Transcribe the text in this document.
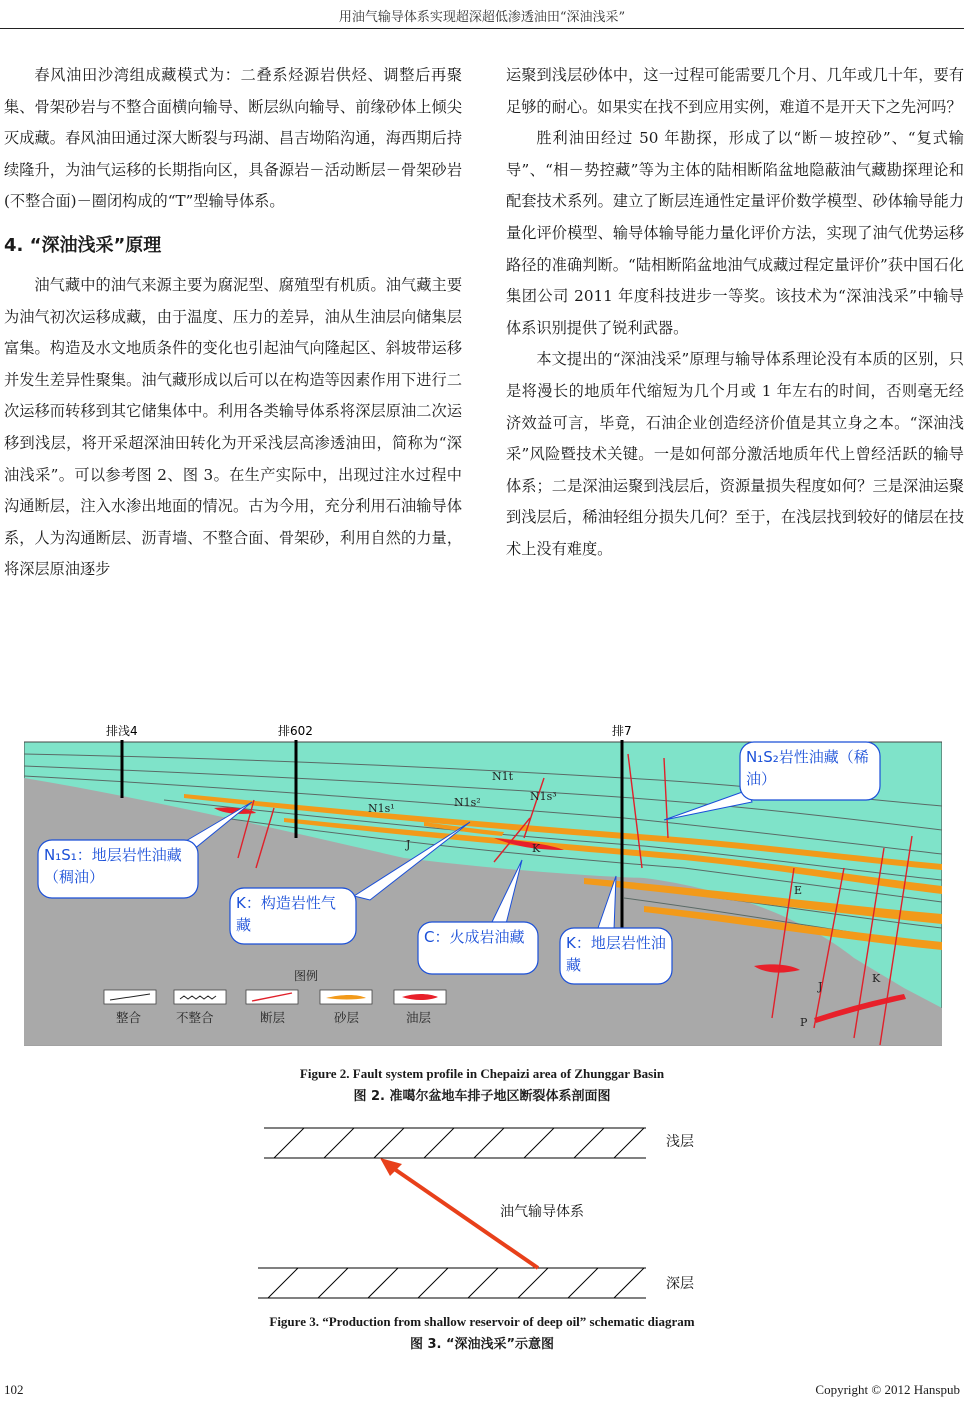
用油气输导体系实现超深超低渗透油田“深油浅采”

春风油田沙湾组成藏模式为：二叠系烃源岩供烃、调整后再聚集、骨架砂岩与不整合面横向输导、断层纵向输导、前缘砂体上倾尖灭成藏。春风油田通过深大断裂与玛湖、昌吉坳陷沟通，海西期后持续隆升，为油气运移的长期指向区，具备源岩－活动断层－骨架砂岩(不整合面)－圈闭构成的“T”型输导体系。

4. “深油浅采”原理

油气藏中的油气来源主要为腐泥型、腐殖型有机质。油气藏主要为油气初次运移成藏，由于温度、压力的差异，油从生油层向储集层富集。构造及水文地质条件的变化也引起油气向隆起区、斜坡带运移并发生差异性聚集。油气藏形成以后可以在构造等因素作用下进行二次运移而转移到其它储集体中。利用各类输导体系将深层原油二次运移到浅层，将开采超深油田转化为开采浅层高渗透油田，简称为“深油浅采”。可以参考图 2、图 3。在生产实际中，出现过注水过程中沟通断层，注入水渗出地面的情况。古为今用，充分利用石油输导体系，人为沟通断层、沥青墙、不整合面、骨架砂，利用自然的力量，将深层原油逐步

运聚到浅层砂体中，这一过程可能需要几个月、几年或几十年，要有足够的耐心。如果实在找不到应用实例，难道不是开天下之先河吗？

胜利油田经过 50 年勘探，形成了以“断－坡控砂”、“复式输导”、“相－势控藏”等为主体的陆相断陷盆地隐蔽油气藏勘探理论和配套技术系列。建立了断层连通性定量评价数学模型、砂体输导能力量化评价模型、输导体输导能力量化评价方法，实现了油气优势运移路径的准确判断。“陆相断陷盆地油气成藏过程定量评价”获中国石化集团公司 2011 年度科技进步一等奖。该技术为“深油浅采”中输导体系识别提供了锐利武器。

本文提出的“深油浅采”原理与输导体系理论没有本质的区别，只是将漫长的地质年代缩短为几个月或 1 年左右的时间，否则毫无经济效益可言，毕竟，石油企业创造经济价值是其立身之本。“深油浅采”风险暨技术关键。一是如何部分激活地质年代上曾经活跃的输导体系；二是深油运聚到浅层后，资源量损失程度如何？三是深油运聚到浅层后，稀油轻组分损失几何？至于，在浅层找到较好的储层在技术上没有难度。

排浅4	排602	排7
N1t
N1s¹	N1s²	N1s³
J	K
E
J
K
P
N₁S₂岩性油藏（稀油）
N₁S₁：地层岩性油藏（稠油）
K：构造岩性气藏
C：火成岩油藏	K：地层岩性油藏
图例
整合	不整合	断层	砂层	油层
Figure 2. Fault system profile in Chepaizi area of Zhunggar Basin
图 2. 准噶尔盆地车排子地区断裂体系剖面图
浅层
油气输导体系
深层
Figure 3. “Production from shallow reservoir of deep oil” schematic diagram
图 3. “深油浅采”示意图
102	Copyright © 2012 Hanspub
